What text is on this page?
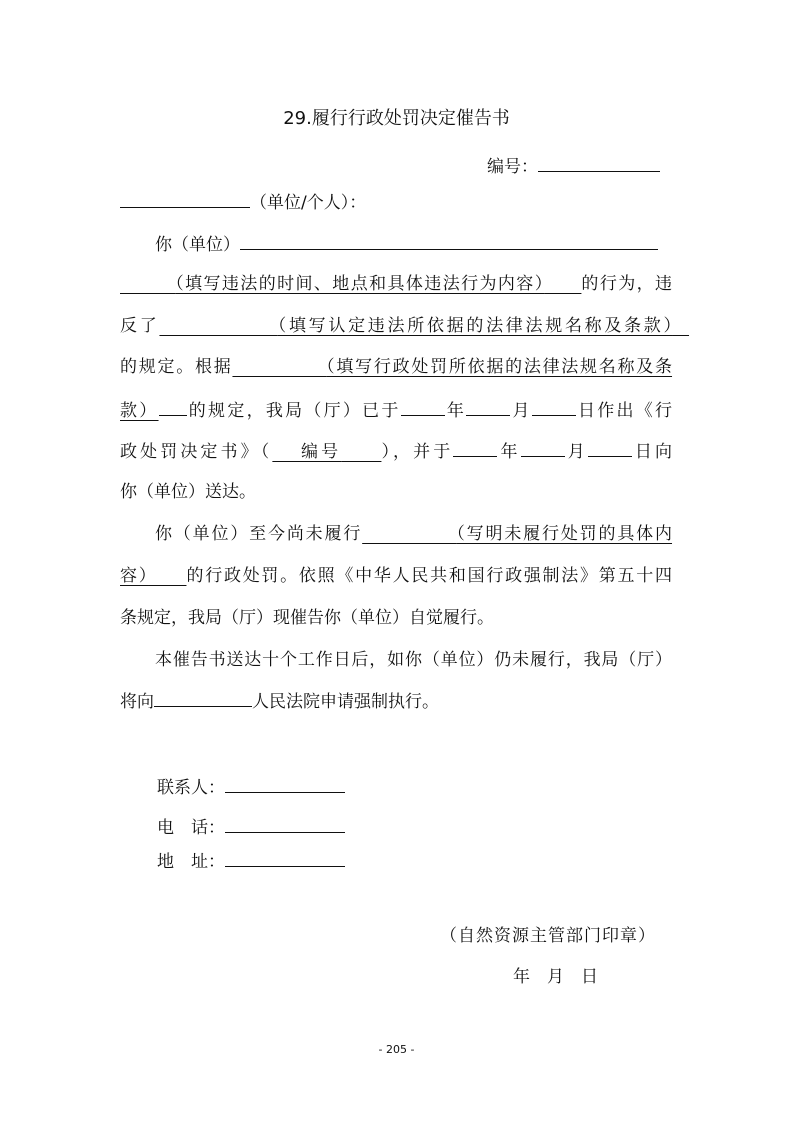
29.履行行政处罚决定催告书
编号：
（单位/个人）：
你（单位）
　　　（填写违法的时间、地点和具体违法行为内容）　　 的行为，违
反了　　　　　　	（填写认定违法所依据的法律法规名称及条款）　
的规定。根据　　　　　	（填写行政处罚所依据的法律法规名称及条
款） 的规定，我局（厅）已于	年	月	日作出《行
政处罚决定书》（　 编号　　 ），并于	年	月	日向
你（单位）送达。
你（单位）至今尚未履行　　　　　	（写明未履行处罚的具体内
容）　　 的行政处罚。依照《中华人民共和国行政强制法》第五十四
条规定，我局（厅）现催告你（单位）自觉履行。
本催告书送达十个工作日后，如你（单位）仍未履行，我局（厅）
将向	人民法院申请强制执行。
联系人：
电　话：
地　址：
（自然资源主管部门印章）
年　月　日
- 205 -
